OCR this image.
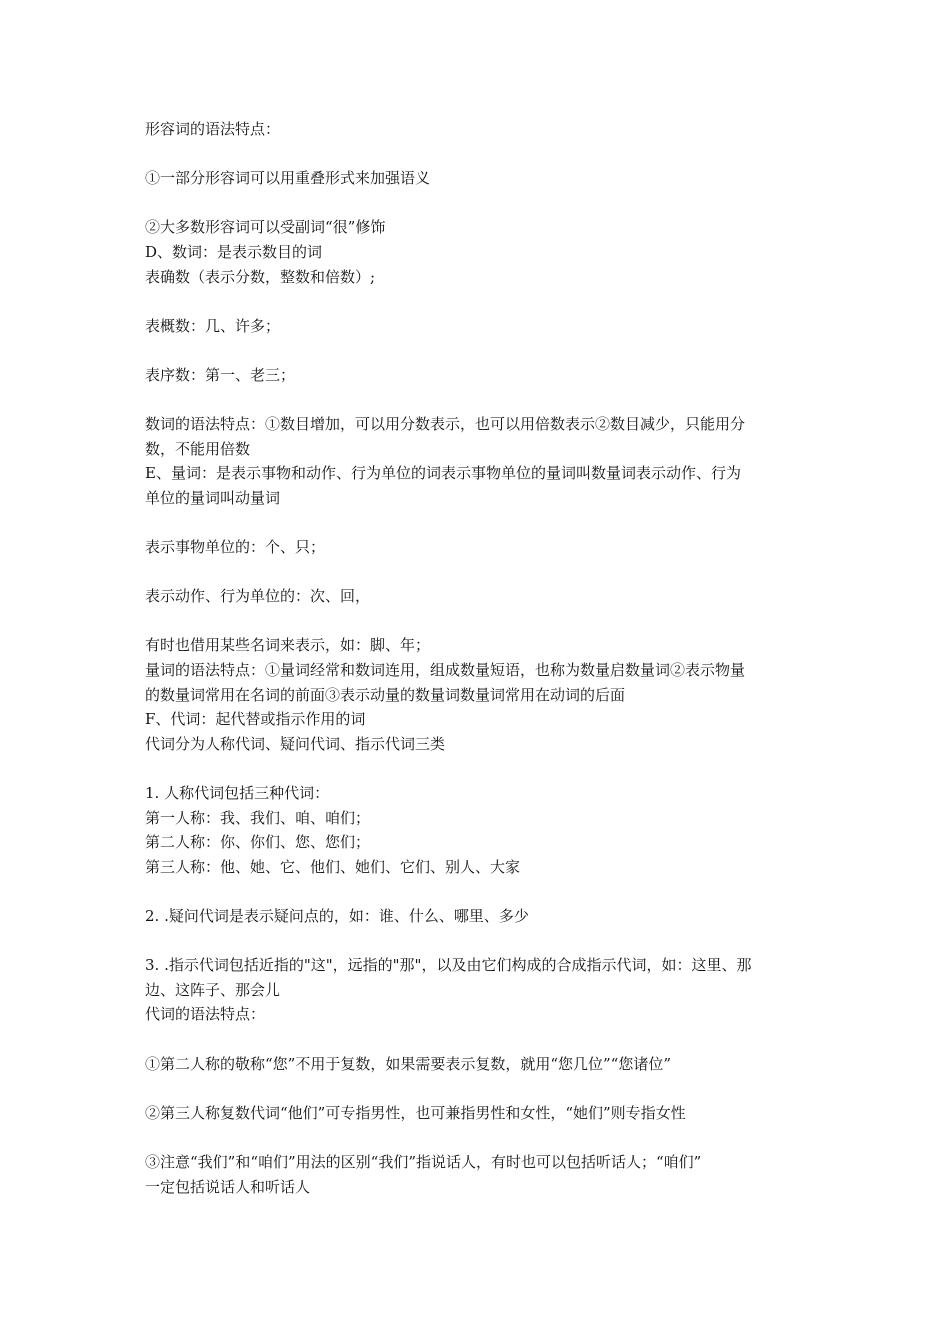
形容词的语法特点：
①一部分形容词可以用重叠形式来加强语义
②大多数形容词可以受副词“很”修饰
D、数词：是表示数目的词
表确数（表示分数，整数和倍数）;
表概数：几、许多；
表序数：第一、老三；
数词的语法特点：①数目增加，可以用分数表示，也可以用倍数表示②数目减少，只能用分
数，不能用倍数
E、量词：是表示事物和动作、行为单位的词表示事物单位的量词叫数量词表示动作、行为
单位的量词叫动量词
表示事物单位的：个、只；
表示动作、行为单位的：次、回，
有时也借用某些名词来表示，如：脚、年；
量词的语法特点：①量词经常和数词连用，组成数量短语，也称为数量启数量词②表示物量
的数量词常用在名词的前面③表示动量的数量词数量词常用在动词的后面
F、代词：起代替或指示作用的词
代词分为人称代词、疑问代词、指示代词三类
1. 人称代词包括三种代词：
第一人称：我、我们、咱、咱们；
第二人称：你、你们、您、您们；
第三人称：他、她、它、他们、她们、它们、别人、大家
2. .疑问代词是表示疑问点的，如：谁、什么、哪里、多少
3. .指示代词包括近指的"这"，远指的"那"，以及由它们构成的合成指示代词，如：这里、那
边、这阵子、那会儿
代词的语法特点：
①第二人称的敬称“您”不用于复数，如果需要表示复数，就用“您几位”“您诸位”
②第三人称复数代词“他们”可专指男性，也可兼指男性和女性，“她们”则专指女性
③注意“我们”和“咱们”用法的区别“我们”指说话人，有时也可以包括听话人；“咱们”
一定包括说话人和听话人
